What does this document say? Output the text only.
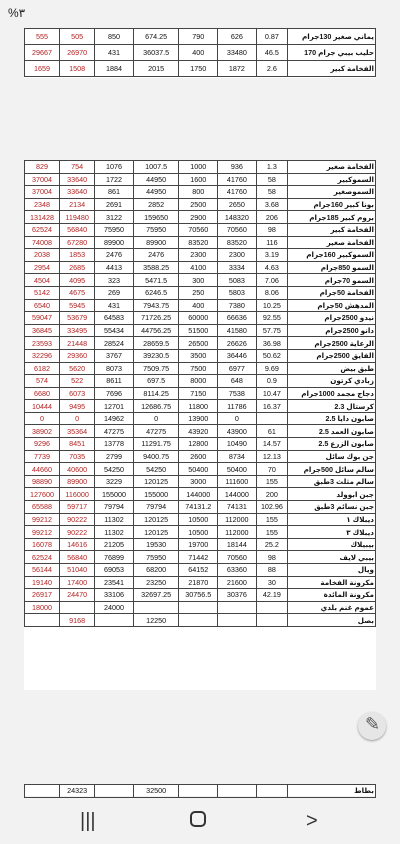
%٣
555	505	850	674.25	790	626	0.87	يماني صغير 130جرام
29667	26970	431	36037.5	400	33480	46.5	حليب بيبي جرام 170
1659	1508	1884	2015	1750	1872	2.6	الفخامة كبير
829	754	1076	1007.5	1000	936	1.3	الفخامة صغير
37004	33640	1722	44950	1600	41760	58	السموكبير
37004	33640	861	44950	800	41760	58	السموصغير
2348	2134	2691	2852	2500	2650	3.68	بونا كبير 160جرام
131428	119480	3122	159650	2900	148320	206	بروم كبير 185جرام
62524	56840	75950	75950	70560	70560	98	الفخامة كبير
74008	67280	89900	89900	83520	83520	116	الفخامة صغير
2038	1853	2476	2476	2300	2300	3.19	السموكبير 160جرام
2954	2685	4413	3588.25	4100	3334	4.63	السمو 850جرام
4504	4095	323	5471.5	300	5083	7.06	السمو 70جرام
5142	4675	269	6246.5	250	5803	8.06	الفخامة 50جرام
6540	5945	431	7943.75	400	7380	10.25	المدهش 50جرام
59047	53679	64583	71726.25	60000	66636	92.55	نيدو 2500جرام
36845	33495	55434	44756.25	51500	41580	57.75	دانو 2500جرام
23593	21448	28524	28659.5	26500	26626	36.98	الرعاية 2500جرام
32296	29360	3767	39230.5	3500	36446	50.62	الفايق 2500جرام
6182	5620	8073	7509.75	7500	6977	9.69	طبق بيض
574	522	8611	697.5	8000	648	0.9	زبادي كرتون
6680	6073	7696	8114.25	7150	7538	10.47	دجاج مجمد 1000جرام
10444	9495	12701	12686.75	11800	11786	16.37	كرستال 2.3
0	0	14962	0	13900	0		صابون دايا 2.5
38902	35364	47275	47275	43920	43900	61	صابون العمد 2.5
9296	8451	13778	11291.75	12800	10490	14.57	صابون الزرع 2.5
7739	7035	2799	9400.75	2600	8734	12.13	جن بوك سائل
44660	40600	54250	54250	50400	50400	70	سالم سائل 500جرام
98890	89900	3229	120125	3000	111600	155	سالم مثلث 3طبق
127600	116000	155000	155000	144000	144000	200	جبن ابوولد
65588	59717	79794	79794	74131.2	74131	102.96	جبن نسائم 3طبق
99212	90222	11302	120125	10500	112000	155	ديبلاك ١
99212	90222	11302	120125	10500	112000	155	ديبلاك ٣
16078	14616	21205	19530	19700	18144	25.2	بيبيلاك
62524	56840	76899	75950	71442	70560	98	بيبي لايف
56144	51040	69053	68200	64152	63360	88	ويال
19140	17400	23541	23250	21870	21600	30	مكرونة الفخامة
26917	24470	33106	32697.25	30756.5	30376	42.19	مكرونة المائدة
18000		24000					عموم غنم بلدي
	9168		12250				بصل
	24323		32500				بطاط
✎
|||	>
